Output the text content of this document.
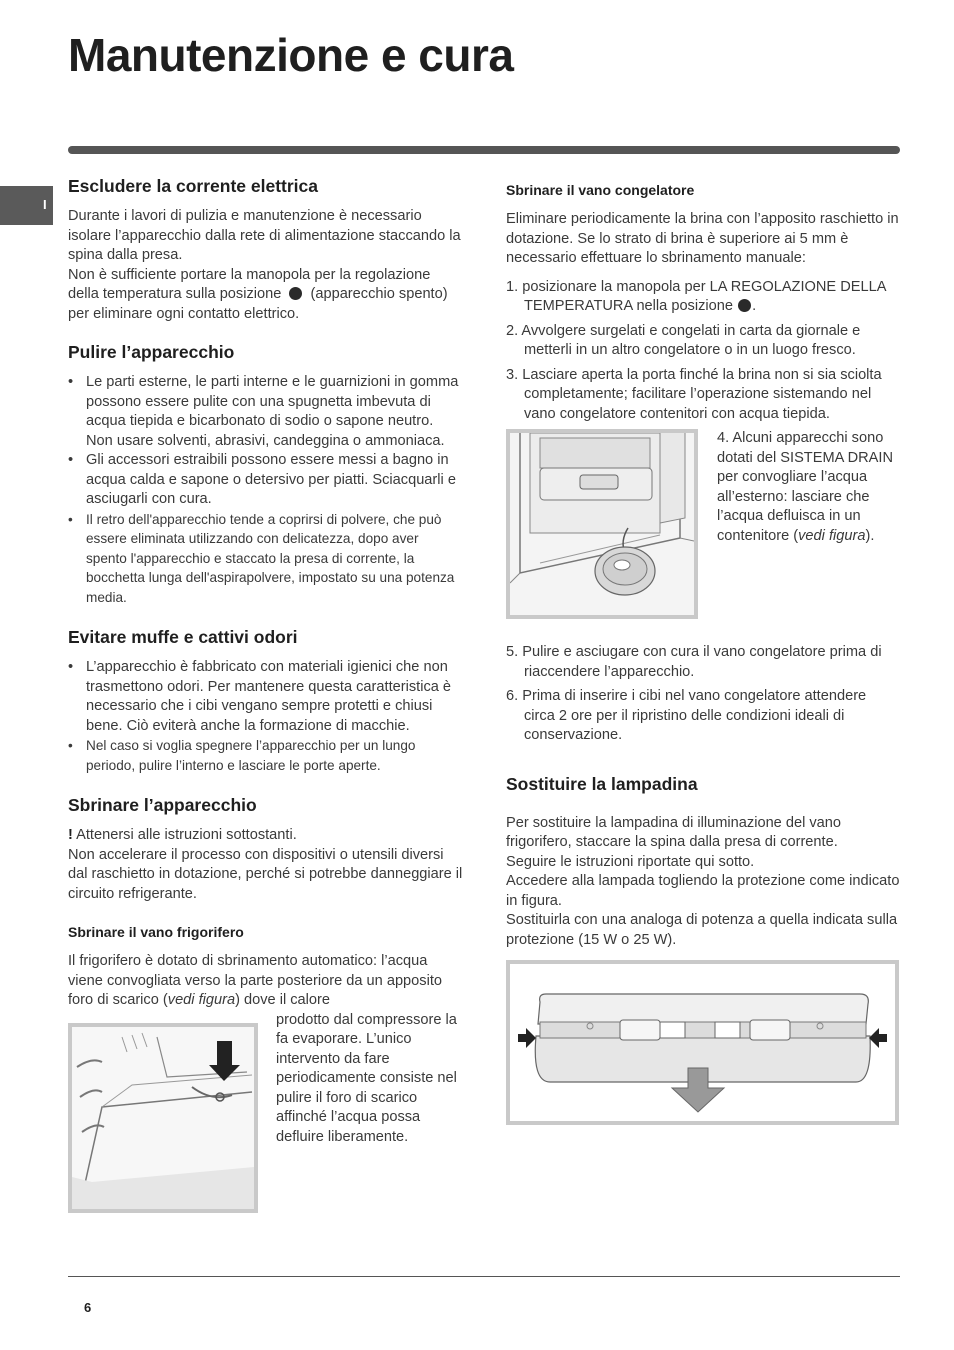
Manutenzione e cura
I
Escludere la corrente elettrica

Durante i lavori di pulizia e manutenzione è necessario isolare l’apparecchio dalla rete di alimentazione staccando la spina dalla presa.

Non è sufficiente portare la manopola per la regolazione della temperatura sulla posizione (apparecchio spento) per eliminare ogni contatto elettrico.

Pulire l’apparecchio
• Le parti esterne, le parti interne e le guarnizioni in gomma possono essere pulite con una spugnetta imbevuta di acqua tiepida e bicarbonato di sodio o sapone neutro. Non usare solventi, abrasivi, candeggina o ammoniaca.
• Gli accessori estraibili possono essere messi a bagno in acqua calda e sapone o detersivo per piatti. Sciacquarli e asciugarli con cura.
• Il retro dell'apparecchio tende a coprirsi di polvere, che può essere eliminata utilizzando con delicatezza, dopo aver spento l'apparecchio e staccato la presa di corrente, la bocchetta lunga dell'aspirapolvere, impostato su una potenza media.
Evitare muffe e cattivi odori
• L’apparecchio è fabbricato con materiali igienici che non trasmettono odori. Per mantenere questa caratteristica è necessario che i cibi vengano sempre protetti e chiusi bene. Ciò eviterà anche la formazione di macchie.
• Nel caso si voglia spegnere l’apparecchio per un lungo periodo, pulire l’interno e lasciare le porte aperte.
Sbrinare l’apparecchio

! Attenersi alle istruzioni sottostanti.

Non accelerare il processo con dispositivi o utensili diversi dal raschietto in dotazione, perché si potrebbe danneggiare il circuito refrigerante.

Sbrinare il vano frigorifero

Il frigorifero è dotato di sbrinamento automatico: l’acqua viene convogliata verso la parte posteriore da un apposito foro di scarico (vedi figura) dove il calore

prodotto dal compressore la fa evaporare. L’unico intervento da fare periodicamente consiste nel pulire il foro di scarico affinché l’acqua possa defluire liberamente.

Sbrinare il vano congelatore

Eliminare periodicamente la brina con l’apposito raschietto in dotazione. Se lo strato di brina è superiore ai 5 mm è necessario effettuare lo sbrinamento manuale:

1. posizionare la manopola per LA REGOLAZIONE DELLA TEMPERATURA nella posizione .
2. Avvolgere surgelati e congelati in carta da giornale e metterli in un altro congelatore o in un luogo fresco.
3. Lasciare aperta la porta finché la brina non si sia sciolta completamente; facilitare l’operazione sistemando nel vano congelatore contenitori con acqua tiepida.

4. Alcuni apparecchi sono dotati del SISTEMA DRAIN per convogliare l’acqua all’esterno: lasciare che l’acqua defluisca in un contenitore (vedi figura).

5. Pulire e asciugare con cura il vano congelatore prima di riaccendere l’apparecchio.
6. Prima di inserire i cibi nel vano congelatore attendere circa 2 ore per il ripristino delle condizioni ideali di conservazione.
Sostituire la lampadina

Per sostituire la lampadina di illuminazione del vano frigorifero, staccare la spina dalla presa di corrente.

Seguire le istruzioni riportate qui sotto.

Accedere alla lampada togliendo la protezione come indicato in figura.

Sostituirla con una analoga di potenza a quella indicata sulla protezione (15 W o 25 W).

6
